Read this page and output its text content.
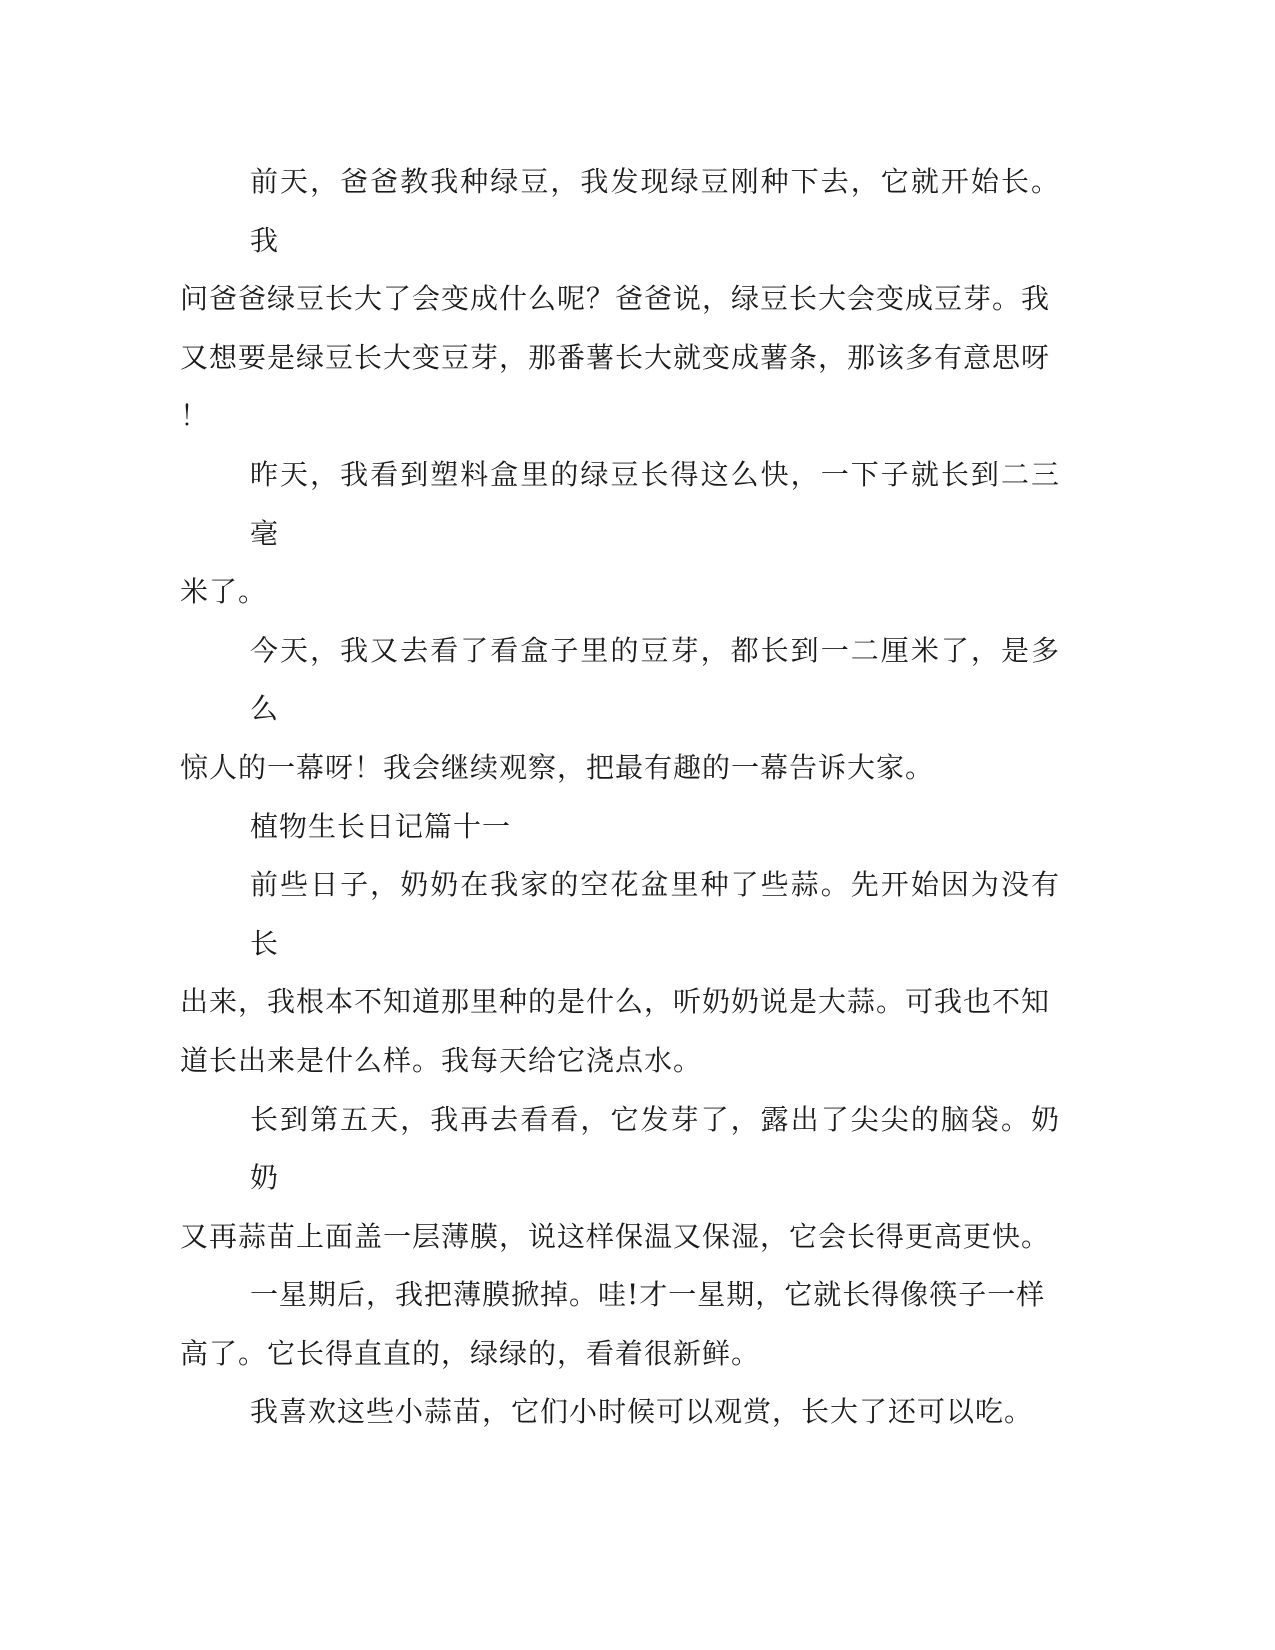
前天，爸爸教我种绿豆，我发现绿豆刚种下去，它就开始长。我
问爸爸绿豆长大了会变成什么呢？爸爸说，绿豆长大会变成豆芽。我
又想要是绿豆长大变豆芽，那番薯长大就变成薯条，那该多有意思呀
！
昨天，我看到塑料盒里的绿豆长得这么快，一下子就长到二三毫
米了。
今天，我又去看了看盒子里的豆芽，都长到一二厘米了，是多么
惊人的一幕呀！我会继续观察，把最有趣的一幕告诉大家。
植物生长日记篇十一
前些日子，奶奶在我家的空花盆里种了些蒜。先开始因为没有长
出来，我根本不知道那里种的是什么，听奶奶说是大蒜。可我也不知
道长出来是什么样。我每天给它浇点水。
长到第五天，我再去看看，它发芽了，露出了尖尖的脑袋。奶奶
又再蒜苗上面盖一层薄膜，说这样保温又保湿，它会长得更高更快。
一星期后，我把薄膜掀掉。哇!才一星期，它就长得像筷子一样
高了。它长得直直的，绿绿的，看着很新鲜。
我喜欢这些小蒜苗，它们小时候可以观赏，长大了还可以吃。
